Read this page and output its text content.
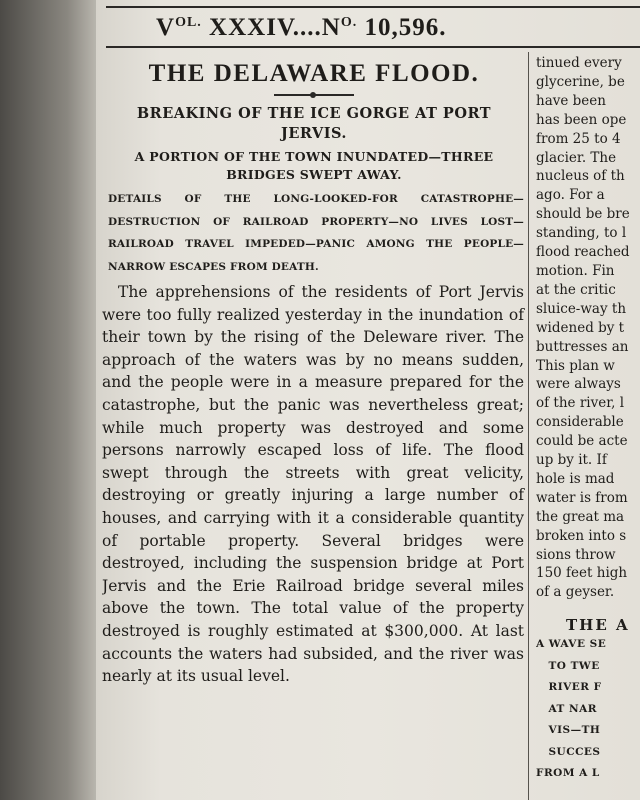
$V^{OL.}$ $XXXIV....N^{O.}$ 10,596.
THE DELAWARE FLOOD.
BREAKING OF THE ICE GORGE AT PORT JERVIS.
A PORTION OF THE TOWN INUNDATED—THREE BRIDGES SWEPT AWAY.
DETAILS OF THE LONG-LOOKED-FOR CATASTROPHE—DESTRUCTION OF RAILROAD PROPERTY—NO LIVES LOST—RAILROAD TRAVEL IMPEDED—PANIC AMONG THE PEOPLE—NARROW ESCAPES FROM DEATH.
The apprehensions of the residents of Port Jervis were too fully realized yesterday in the inundation of their town by the rising of the Deleware river. The approach of the waters was by no means sudden, and the people were in a measure prepared for the catastrophe, but the panic was nevertheless great; while much property was destroyed and some persons narrowly escaped loss of life. The flood swept through the streets with great velicity, destroying or greatly injuring a large number of houses, and carrying with it a considerable quantity of portable property. Several bridges were destroyed, including the suspension bridge at Port Jervis and the Erie Railroad bridge several miles above the town. The total value of the property destroyed is roughly estimated at $300,000. At last accounts the waters had subsided, and the river was nearly at its usual level.
tinued every
glycerine, be
have been
has been ope
from 25 to 4
glacier. The
nucleus of th
ago. For a
should be bre
standing, to l
flood reached
motion. Fin
at the critic
sluice-way th
widened by t
buttresses an
This plan w
were always
of the river, l
considerable
could be acte
up by it. If
hole is mad
water is from
the great ma
broken into s
sions throw
150 feet high
of a geyser.
THE A
A WAVE SE
TO TWE
RIVER F
AT NAR
VIS—TH
SUCCES
FROM A L
